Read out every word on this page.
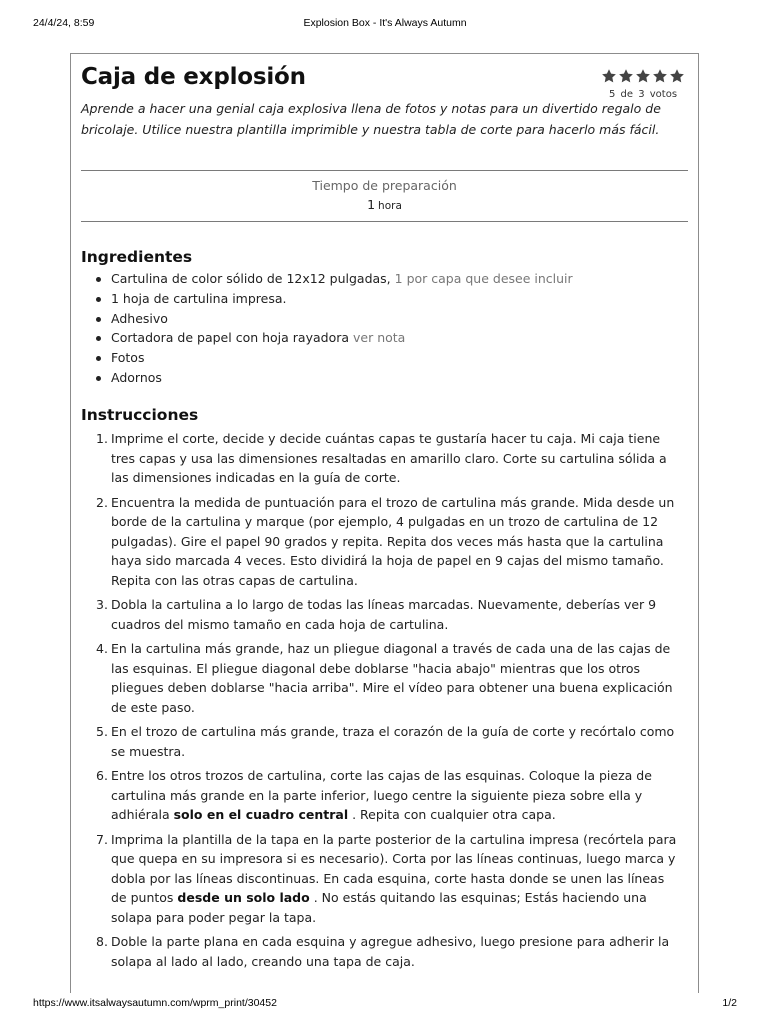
24/4/24, 8:59	Explosion Box - It's Always Autumn
Caja de explosión
5 de 3 votos

Aprende a hacer una genial caja explosiva llena de fotos y notas para un divertido regalo de bricolaje. Utilice nuestra plantilla imprimible y nuestra tabla de corte para hacerlo más fácil.

Tiempo de preparación
1 hora
Ingredientes
Cartulina de color sólido de 12x12 pulgadas, 1 por capa que desee incluir
1 hoja de cartulina impresa.
Adhesivo
Cortadora de papel con hoja rayadora ver nota
Fotos
Adornos
Instrucciones
1. Imprime el corte, decide y decide cuántas capas te gustaría hacer tu caja. Mi caja tiene tres capas y usa las dimensiones resaltadas en amarillo claro. Corte su cartulina sólida a las dimensiones indicadas en la guía de corte.
2. Encuentra la medida de puntuación para el trozo de cartulina más grande. Mida desde un borde de la cartulina y marque (por ejemplo, 4 pulgadas en un trozo de cartulina de 12 pulgadas). Gire el papel 90 grados y repita. Repita dos veces más hasta que la cartulina haya sido marcada 4 veces. Esto dividirá la hoja de papel en 9 cajas del mismo tamaño. Repita con las otras capas de cartulina.
3. Dobla la cartulina a lo largo de todas las líneas marcadas. Nuevamente, deberías ver 9 cuadros del mismo tamaño en cada hoja de cartulina.
4. En la cartulina más grande, haz un pliegue diagonal a través de cada una de las cajas de las esquinas. El pliegue diagonal debe doblarse "hacia abajo" mientras que los otros pliegues deben doblarse "hacia arriba". Mire el vídeo para obtener una buena explicación de este paso.
5. En el trozo de cartulina más grande, traza el corazón de la guía de corte y recórtalo como se muestra.
6. Entre los otros trozos de cartulina, corte las cajas de las esquinas. Coloque la pieza de cartulina más grande en la parte inferior, luego centre la siguiente pieza sobre ella y adhiérala solo en el cuadro central . Repita con cualquier otra capa.
7. Imprima la plantilla de la tapa en la parte posterior de la cartulina impresa (recórtela para que quepa en su impresora si es necesario). Corta por las líneas continuas, luego marca y dobla por las líneas discontinuas. En cada esquina, corte hasta donde se unen las líneas de puntos desde un solo lado . No estás quitando las esquinas; Estás haciendo una solapa para poder pegar la tapa.
8. Doble la parte plana en cada esquina y agregue adhesivo, luego presione para adherir la solapa al lado al lado, creando una tapa de caja.
https://www.itsalwaysautumn.com/wprm_print/30452	1/2
